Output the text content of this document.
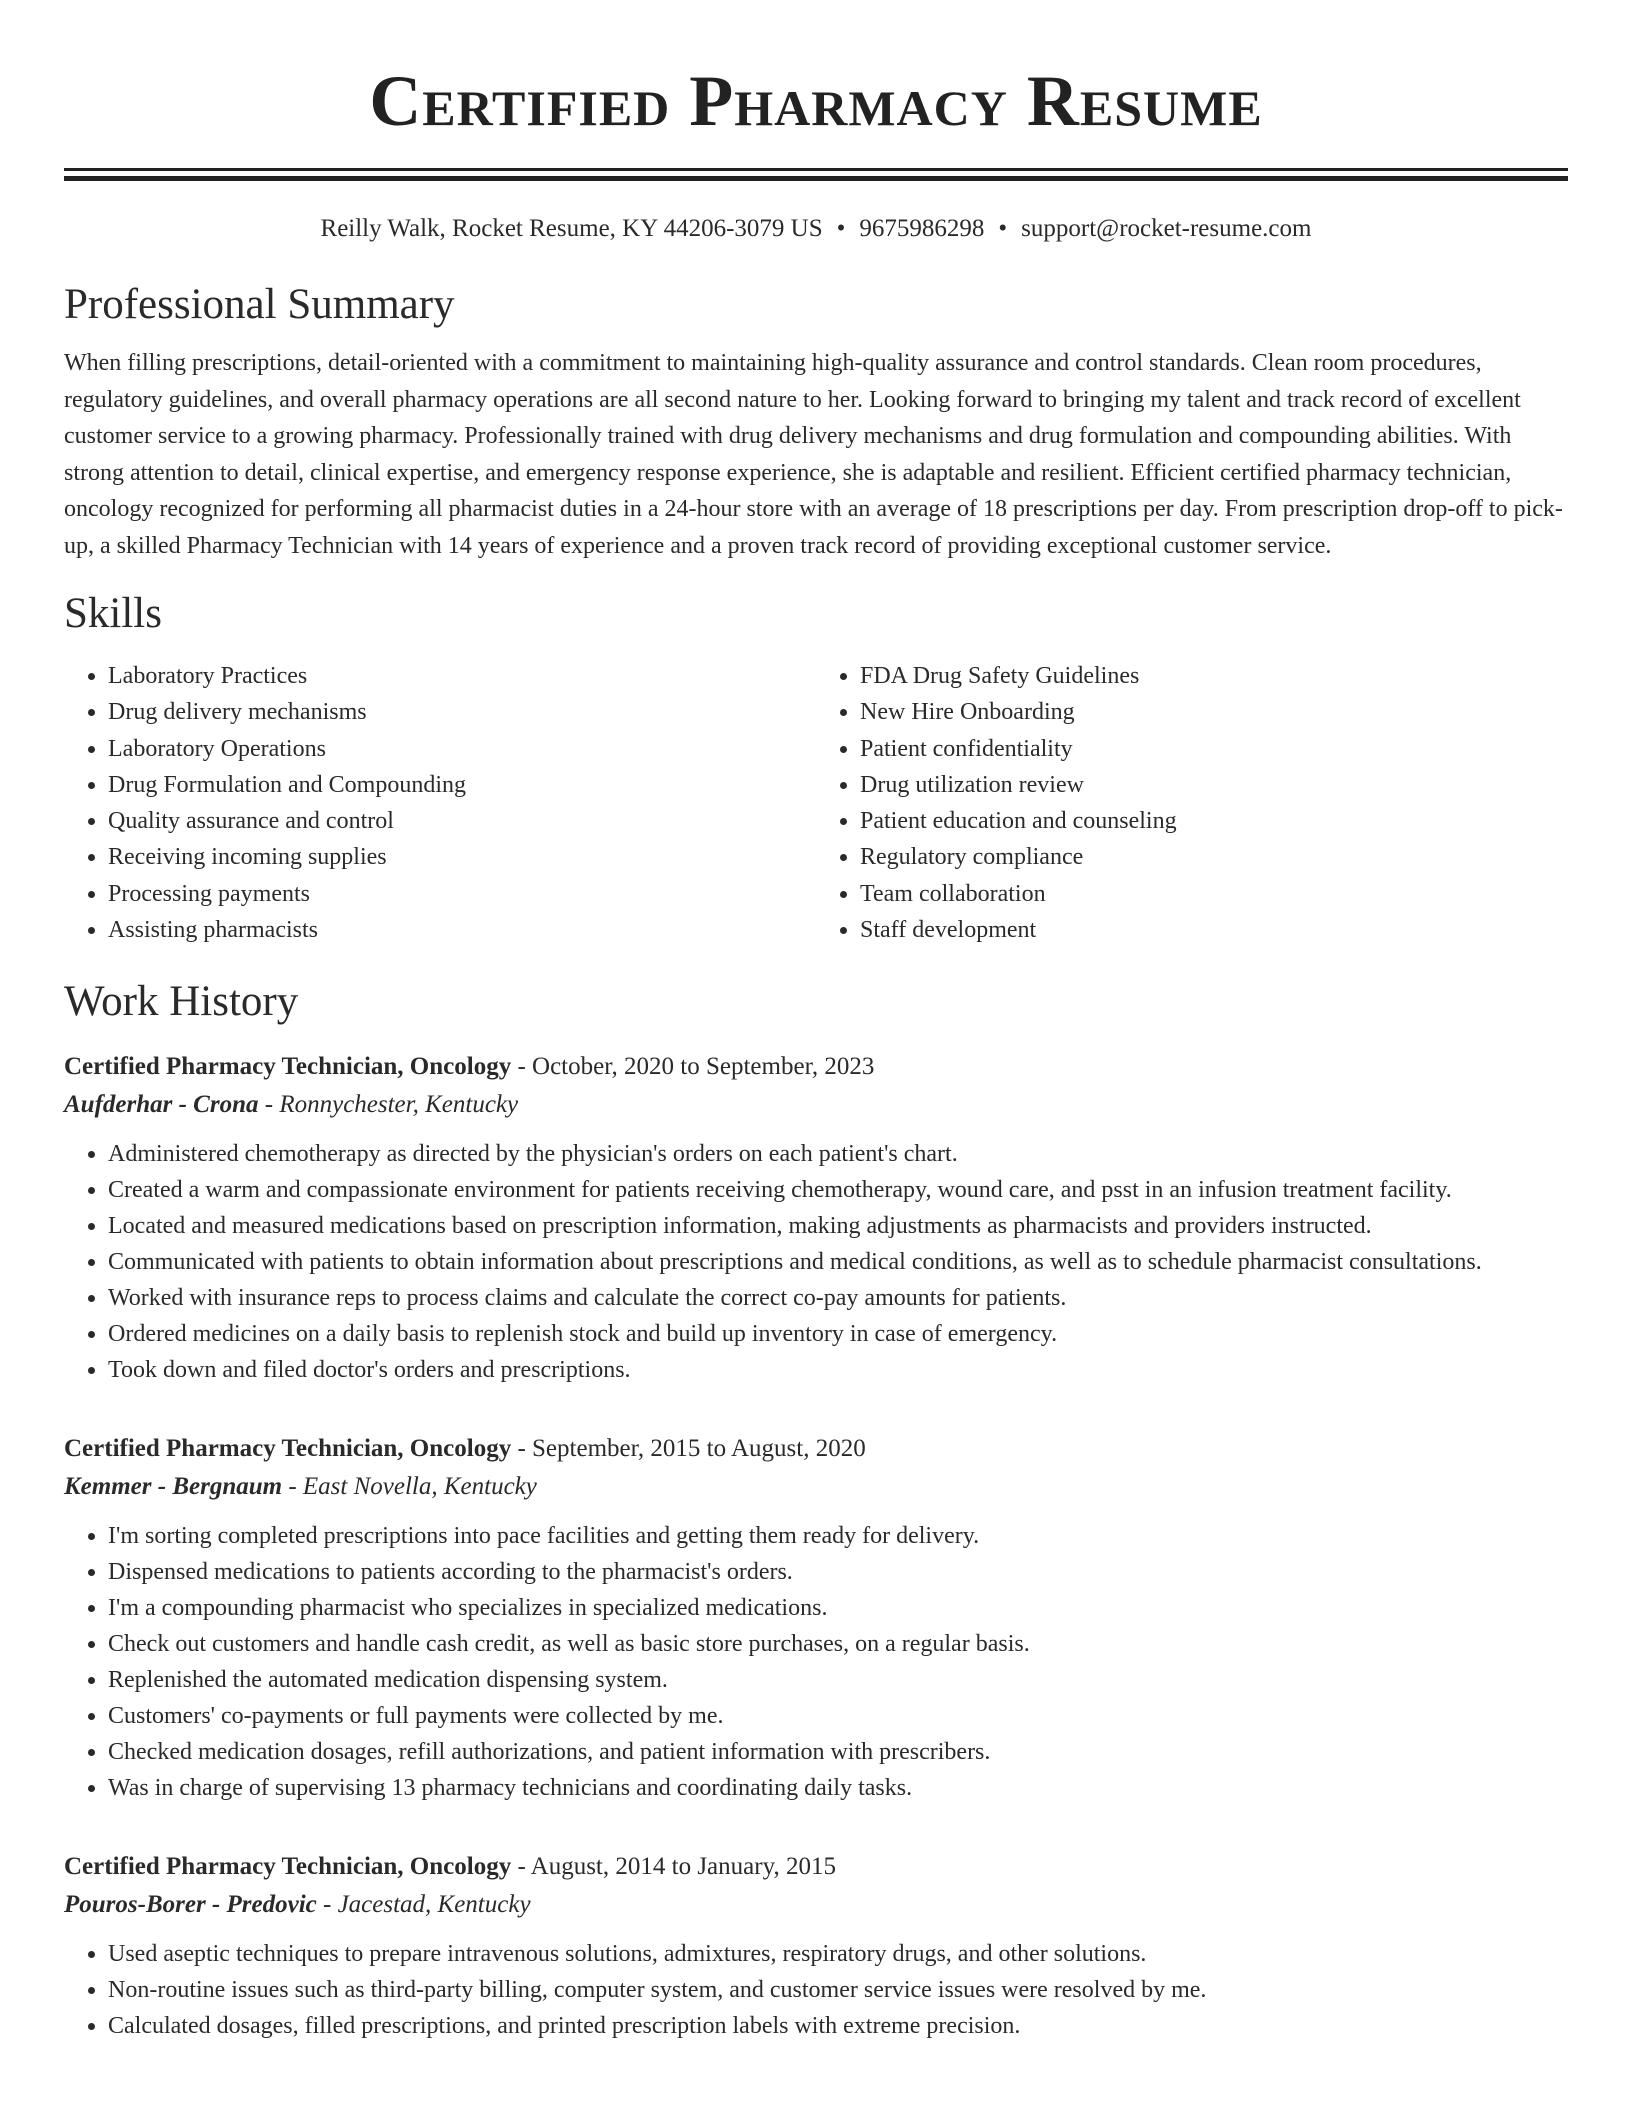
Certified Pharmacy Resume
Reilly Walk, Rocket Resume, KY 44206-3079 US • 9675986298 • support@rocket-resume.com
Professional Summary

When filling prescriptions, detail-oriented with a commitment to maintaining high-quality assurance and control standards. Clean room procedures, regulatory guidelines, and overall pharmacy operations are all second nature to her. Looking forward to bringing my talent and track record of excellent customer service to a growing pharmacy. Professionally trained with drug delivery mechanisms and drug formulation and compounding abilities. With strong attention to detail, clinical expertise, and emergency response experience, she is adaptable and resilient. Efficient certified pharmacy technician, oncology recognized for performing all pharmacist duties in a 24-hour store with an average of 18 prescriptions per day. From prescription drop-off to pick-up, a skilled Pharmacy Technician with 14 years of experience and a proven track record of providing exceptional customer service.

Skills
• Laboratory Practices
• Drug delivery mechanisms
• Laboratory Operations
• Drug Formulation and Compounding
• Quality assurance and control
• Receiving incoming supplies
• Processing payments
• Assisting pharmacists
• FDA Drug Safety Guidelines
• New Hire Onboarding
• Patient confidentiality
• Drug utilization review
• Patient education and counseling
• Regulatory compliance
• Team collaboration
• Staff development
Work History
Certified Pharmacy Technician, Oncology - October, 2020 to September, 2023
Aufderhar - Crona - Ronnychester, Kentucky
• Administered chemotherapy as directed by the physician's orders on each patient's chart.
• Created a warm and compassionate environment for patients receiving chemotherapy, wound care, and psst in an infusion treatment facility.
• Located and measured medications based on prescription information, making adjustments as pharmacists and providers instructed.
• Communicated with patients to obtain information about prescriptions and medical conditions, as well as to schedule pharmacist consultations.
• Worked with insurance reps to process claims and calculate the correct co-pay amounts for patients.
• Ordered medicines on a daily basis to replenish stock and build up inventory in case of emergency.
• Took down and filed doctor's orders and prescriptions.
Certified Pharmacy Technician, Oncology - September, 2015 to August, 2020
Kemmer - Bergnaum - East Novella, Kentucky
• I'm sorting completed prescriptions into pace facilities and getting them ready for delivery.
• Dispensed medications to patients according to the pharmacist's orders.
• I'm a compounding pharmacist who specializes in specialized medications.
• Check out customers and handle cash credit, as well as basic store purchases, on a regular basis.
• Replenished the automated medication dispensing system.
• Customers' co-payments or full payments were collected by me.
• Checked medication dosages, refill authorizations, and patient information with prescribers.
• Was in charge of supervising 13 pharmacy technicians and coordinating daily tasks.
Certified Pharmacy Technician, Oncology - August, 2014 to January, 2015
Pouros-Borer - Predovic - Jacestad, Kentucky
• Used aseptic techniques to prepare intravenous solutions, admixtures, respiratory drugs, and other solutions.
• Non-routine issues such as third-party billing, computer system, and customer service issues were resolved by me.
• Calculated dosages, filled prescriptions, and printed prescription labels with extreme precision.
